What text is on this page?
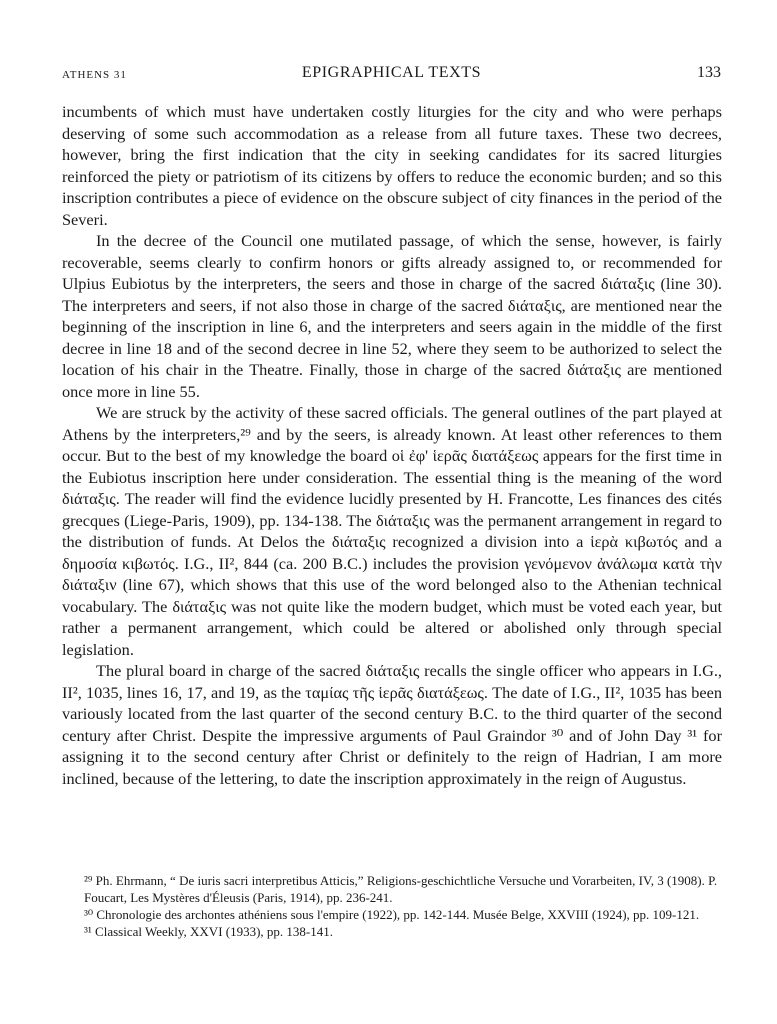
ATHENS 31	EPIGRAPHICAL TEXTS	133

incumbents of which must have undertaken costly liturgies for the city and who were perhaps deserving of some such accommodation as a release from all future taxes. These two decrees, however, bring the first indication that the city in seeking candidates for its sacred liturgies reinforced the piety or patriotism of its citizens by offers to reduce the economic burden; and so this inscription contributes a piece of evidence on the obscure subject of city finances in the period of the Severi.

In the decree of the Council one mutilated passage, of which the sense, however, is fairly recoverable, seems clearly to confirm honors or gifts already assigned to, or recommended for Ulpius Eubiotus by the interpreters, the seers and those in charge of the sacred διάταξις (line 30). The interpreters and seers, if not also those in charge of the sacred διάταξις, are mentioned near the beginning of the inscription in line 6, and the interpreters and seers again in the middle of the first decree in line 18 and of the second decree in line 52, where they seem to be authorized to select the location of his chair in the Theatre. Finally, those in charge of the sacred διάταξις are mentioned once more in line 55.

We are struck by the activity of these sacred officials. The general outlines of the part played at Athens by the interpreters,²⁹ and by the seers, is already known. At least other references to them occur. But to the best of my knowledge the board οἱ ἐφ' ἱερᾶς διατάξεως appears for the first time in the Eubiotus inscription here under consideration. The essential thing is the meaning of the word διάταξις. The reader will find the evidence lucidly presented by H. Francotte, Les finances des cités grecques (Liege-Paris, 1909), pp. 134-138. The διάταξις was the permanent arrangement in regard to the distribution of funds. At Delos the διάταξις recognized a division into a ἱερὰ κιβωτός and a δημοσία κιβωτός. I.G., II², 844 (ca. 200 B.C.) includes the provision γενόμενον ἀνάλωμα κατὰ τὴν διάταξιν (line 67), which shows that this use of the word belonged also to the Athenian technical vocabulary. The διάταξις was not quite like the modern budget, which must be voted each year, but rather a permanent arrangement, which could be altered or abolished only through special legislation.

The plural board in charge of the sacred διάταξις recalls the single officer who appears in I.G., II², 1035, lines 16, 17, and 19, as the ταμίας τῆς ἱερᾶς διατάξεως. The date of I.G., II², 1035 has been variously located from the last quarter of the second century B.C. to the third quarter of the second century after Christ. Despite the impressive arguments of Paul Graindor ³⁰ and of John Day ³¹ for assigning it to the second century after Christ or definitely to the reign of Hadrian, I am more inclined, because of the lettering, to date the inscription approximately in the reign of Augustus.

²⁹ Ph. Ehrmann, “ De iuris sacri interpretibus Atticis,” Religions-geschichtliche Versuche und Vorarbeiten, IV, 3 (1908). P. Foucart, Les Mystères d'Éleusis (Paris, 1914), pp. 236-241.

³⁰ Chronologie des archontes athéniens sous l'empire (1922), pp. 142-144. Musée Belge, XXVIII (1924), pp. 109-121.

³¹ Classical Weekly, XXVI (1933), pp. 138-141.
